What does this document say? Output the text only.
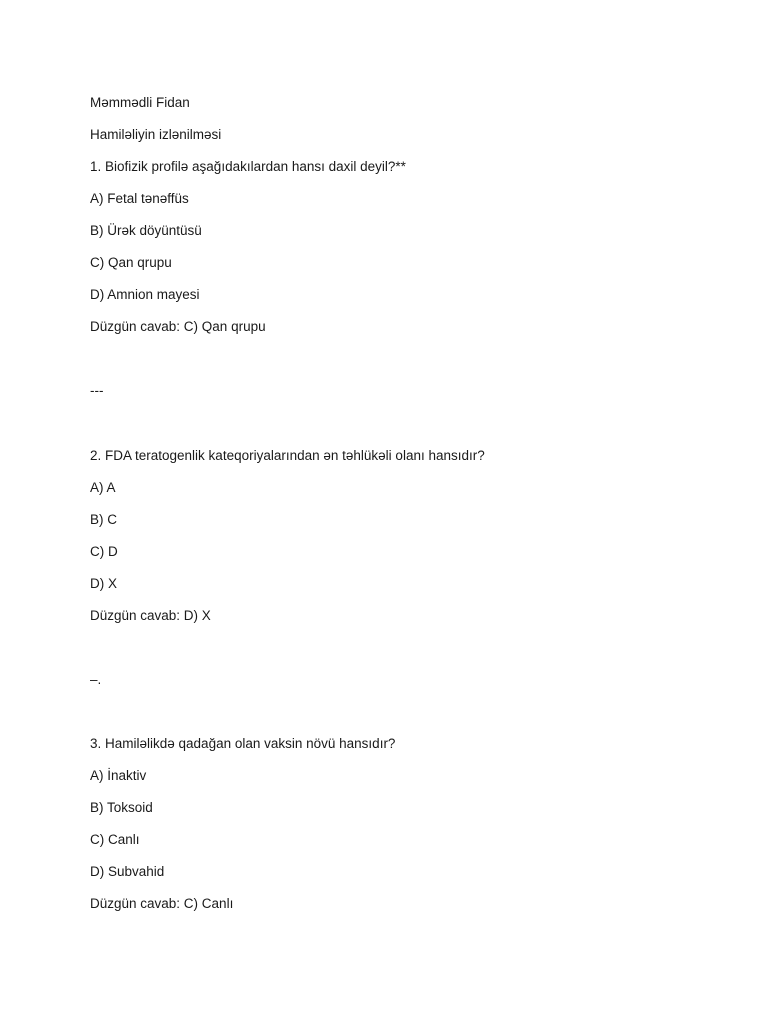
Məmmədli Fidan
Hamiləliyin izlənilməsi
1. Biofizik profilə aşağıdakılardan hansı daxil deyil?**
A) Fetal tənəffüs
B) Ürək döyüntüsü
C) Qan qrupu
D) Amnion mayesi
Düzgün cavab: C) Qan qrupu
---
2. FDA teratogenlik kateqoriyalarından ən təhlükəli olanı hansıdır?
A) A
B) C
C) D
D) X
Düzgün cavab: D) X
–.
3. Hamiləlikdə qadağan olan vaksin növü hansıdır?
A) İnaktiv
B) Toksoid
C) Canlı
D) Subvahid
Düzgün cavab: C) Canlı
